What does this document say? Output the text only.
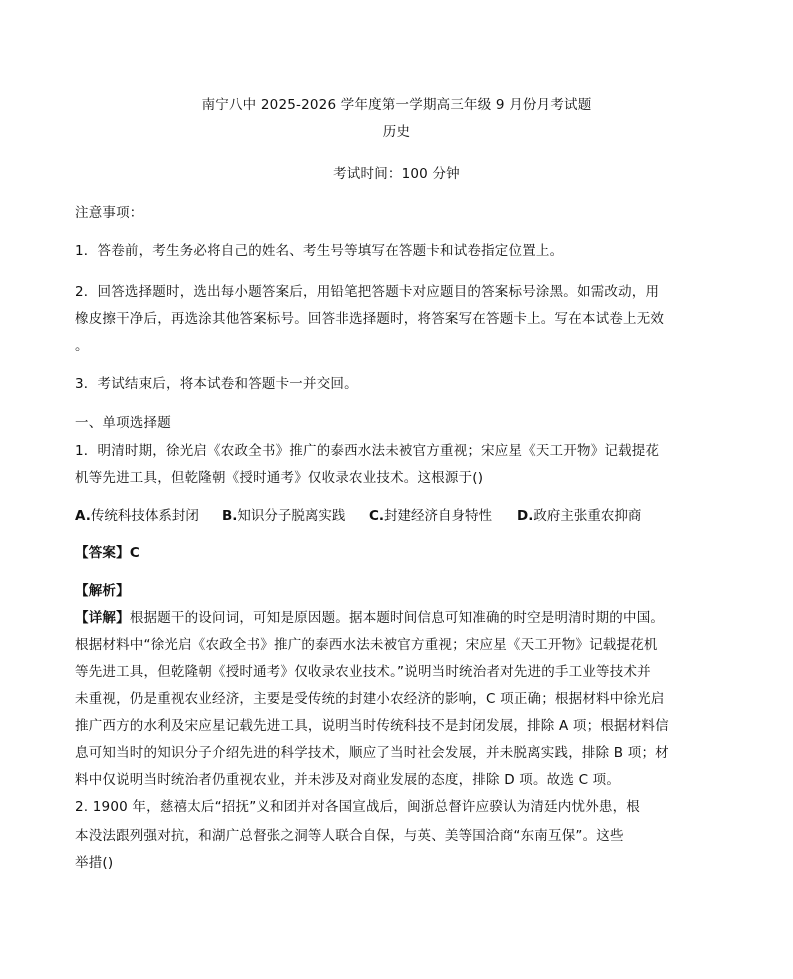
南宁八中 2025-2026 学年度第一学期高三年级 9 月份月考试题
历史
考试时间：100 分钟
注意事项：
1．答卷前，考生务必将自己的姓名、考生号等填写在答题卡和试卷指定位置上。
2．回答选择题时，选出每小题答案后，用铅笔把答题卡对应题目的答案标号涂黑。如需改动，用
橡皮擦干净后，再选涂其他答案标号。回答非选择题时，将答案写在答题卡上。写在本试卷上无效
。
3．考试结束后，将本试卷和答题卡一并交回。
一、单项选择题
1．明清时期，徐光启《农政全书》推广的泰西水法未被官方重视；宋应星《天工开物》记载提花
机等先进工具，但乾隆朝《授时通考》仅收录农业技术。这根源于()
A.传统科技体系封闭 B.知识分子脱离实践 C.封建经济自身特性 D.政府主张重农抑商
【答案】C
【解析】
【详解】根据题干的设问词，可知是原因题。据本题时间信息可知准确的时空是明清时期的中国。
根据材料中“徐光启《农政全书》推广的泰西水法未被官方重视；宋应星《天工开物》记载提花机
等先进工具，但乾隆朝《授时通考》仅收录农业技术。”说明当时统治者对先进的手工业等技术并
未重视，仍是重视农业经济，主要是受传统的封建小农经济的影响，C 项正确；根据材料中徐光启
推广西方的水利及宋应星记载先进工具，说明当时传统科技不是封闭发展，排除 A 项；根据材料信
息可知当时的知识分子介绍先进的科学技术，顺应了当时社会发展，并未脱离实践，排除 B 项；材
料中仅说明当时统治者仍重视农业，并未涉及对商业发展的态度，排除 D 项。故选 C 项。
2. 1900 年，慈禧太后“招抚”义和团并对各国宣战后，闽浙总督许应骙认为清廷内忧外患，根
本没法跟列强对抗，和湖广总督张之洞等人联合自保，与英、美等国洽商“东南互保”。这些
举措()
